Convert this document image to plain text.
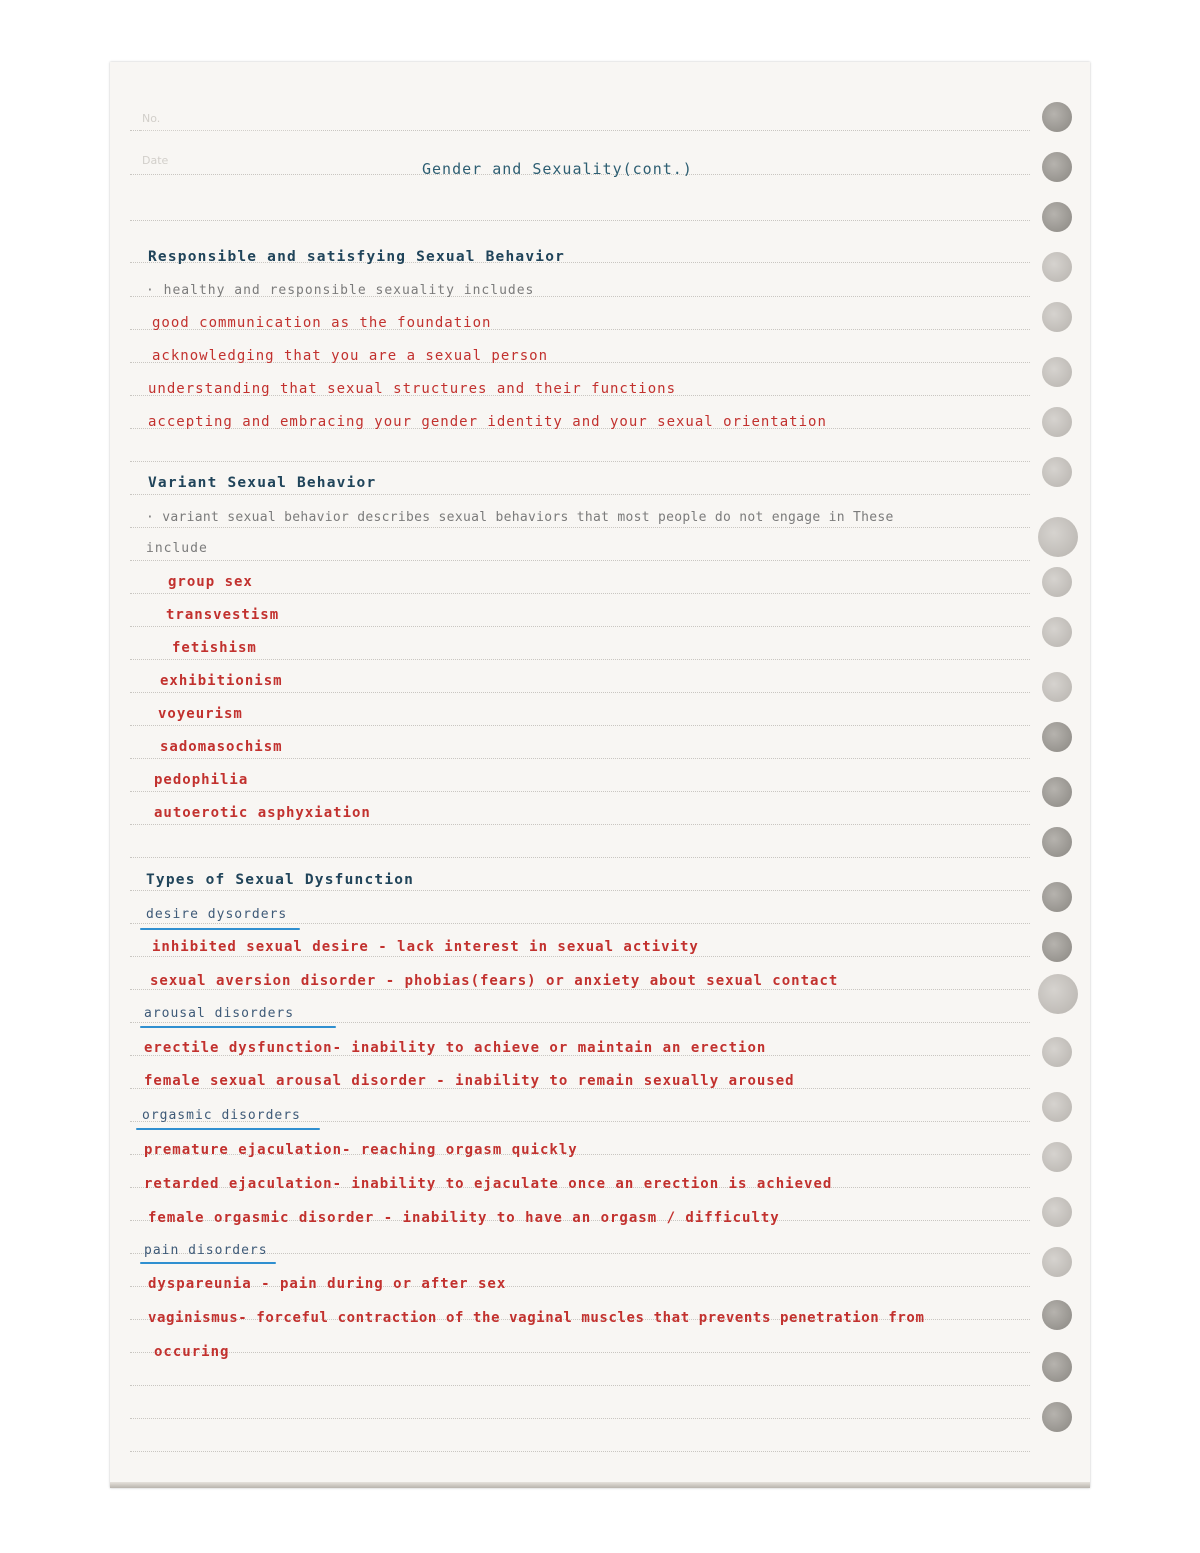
No.
Date	Gender and Sexuality(cont.)
Responsible and satisfying Sexual Behavior
· healthy and responsible sexuality includes
good communication as the foundation
acknowledging that you are a sexual person
understanding that sexual structures and their functions
accepting and embracing your gender identity and your sexual orientation
Variant Sexual Behavior
· variant sexual behavior describes sexual behaviors that most people do not engage in These
include
group sex
transvestism
fetishism
exhibitionism
voyeurism
sadomasochism
pedophilia
autoerotic asphyxiation
Types of Sexual Dysfunction
desire dysorders
inhibited sexual desire - lack interest in sexual activity
sexual aversion disorder - phobias(fears) or anxiety about sexual contact
arousal disorders
erectile dysfunction- inability to achieve or maintain an erection
female sexual arousal disorder - inability to remain sexually aroused
orgasmic disorders
premature ejaculation- reaching orgasm quickly
retarded ejaculation- inability to ejaculate once an erection is achieved
female orgasmic disorder - inability to have an orgasm / difficulty
pain disorders
dyspareunia - pain during or after sex
vaginismus- forceful contraction of the vaginal muscles that prevents penetration from
occuring
